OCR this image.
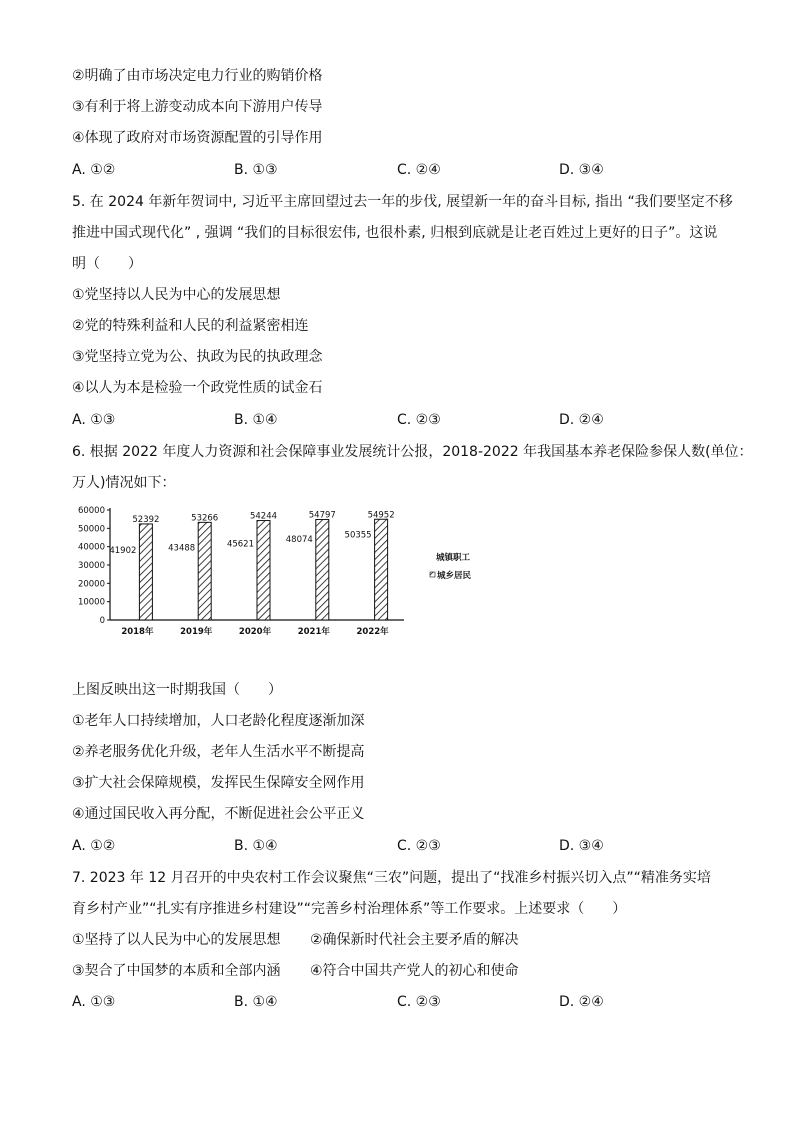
②明确了由市场决定电力行业的购销价格
③有利于将上游变动成本向下游用户传导
④体现了政府对市场资源配置的引导作用
A. ①②	B. ①③	C. ②④	D. ③④
5. 在 2024 年新年贺词中, 习近平主席回望过去一年的步伐, 展望新一年的奋斗目标, 指出 “我们要坚定不移
推进中国式现代化” , 强调 “我们的目标很宏伟, 也很朴素, 归根到底就是让老百姓过上更好的日子”。这说
明（　　）
①党坚持以人民为中心的发展思想
②党的特殊利益和人民的利益紧密相连
③党坚持立党为公、执政为民的执政理念
④以人为本是检验一个政党性质的试金石
A. ①③	B. ①④	C. ②③	D. ②④
6. 根据 2022 年度人力资源和社会保障事业发展统计公报，2018-2022 年我国基本养老保险参保人数(单位：
万人)情况如下：
0
10000
20000
30000
40000
50000
60000
2018年
41902
52392
2019年
43488
53266
2020年
45621
54244
2021年
48074
54797
2022年
50355
54952
城镇职工
城乡居民
上图反映出这一时期我国（　　）
①老年人口持续增加，人口老龄化程度逐渐加深
②养老服务优化升级，老年人生活水平不断提高
③扩大社会保障规模，发挥民生保障安全网作用
④通过国民收入再分配，不断促进社会公平正义
A. ①②	B. ①④	C. ②③	D. ③④
7. 2023 年 12 月召开的中央农村工作会议聚焦“三农”问题，提出了“找准乡村振兴切入点”“精准务实培
育乡村产业”“扎实有序推进乡村建设”“完善乡村治理体系”等工作要求。上述要求（　　）
①坚持了以人民为中心的发展思想 ②确保新时代社会主要矛盾的解决
③契合了中国梦的本质和全部内涵 ④符合中国共产党人的初心和使命
A. ①③	B. ①④	C. ②③	D. ②④
